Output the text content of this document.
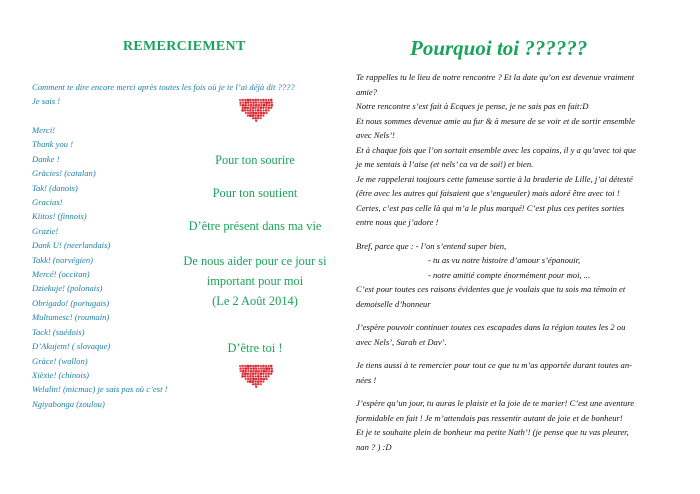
REMERCIEMENT
Comment te dire encore merci après toutes les fois où je te l’ai déjà dit ????
Je sais !
Merci!
Thank you !
Danke !
Gràcies! (catalan)
Tak! (danois)
Gracias!
Kiitos! (finnois)
Grazie!
Dank U! (neerlandais)
Takk! (norvégien)
Mercé! (occitan)
Dziekuje! (polonais)
Obrigado! (portugais)
Multumesc! (roumain)
Tack! (suédois)
D’Akujem! ( slovaque)
Gràce! (wallon)
Xièxie! (chinois)
Welalin! (micmac) je sais pas où c’est !
Ngiyabonga (zoulou)
Pour ton sourire
Pour ton soutient
D’être présent dans ma vie
De nous aider pour ce jour si
important pour moi
(Le 2 Août 2014)
D’être toi !
Pourquoi toi ??????

Te rappelles tu le lieu de notre rencontre ? Et la date qu’on est devenue vraiment

amie?

Notre rencontre s’est fait à Ecques je pense, je ne sais pas en fait:D

Et nous sommes devenue amie au fur & à mesure de se voir et de sortir ensemble

avec Nels’!

Et à chaque fois que l’on sortait ensemble avec les copains, il y a qu’avec toi que

je me sentais à l’aise (et nels’ ca va de soi!) et bien.

Je me rappelerai toujours cette fameuse sortie à la braderie de Lille, j’ai détesté

(être avec les autres qui faisaient que s’engueuler) mais adoré être avec toi !

Certes, c’est pas celle là qui m’a le plus marqué! C’est plus ces petites sorties

entre nous que j’adore !

Bref, parce que : - l’on s’entend super bien,

- tu as vu notre histoire d’amour s’épanouir,

- notre amitié compte énormément pour moi, ...

C’est pour toutes ces raisons évidentes que je voulais que tu sois ma témoin et

demoiselle d’honneur

J’espère pouvoir continuer toutes ces escapades dans la région toutes les 2 ou

avec Nels’, Sarah et Dav’.

Je tiens aussi à te remercier pour tout ce que tu m’as apportée durant toutes an-

nées !

J’espère qu’un jour, tu auras le plaisir et la joie de te marier! C’est une aventure

formidable en fait ! Je m’attendais pas ressentir autant de joie et de bonheur!

Et je te souhaite plein de bonheur ma petite Nath’! (je pense que tu vas pleurer,

nan ? ) :D
